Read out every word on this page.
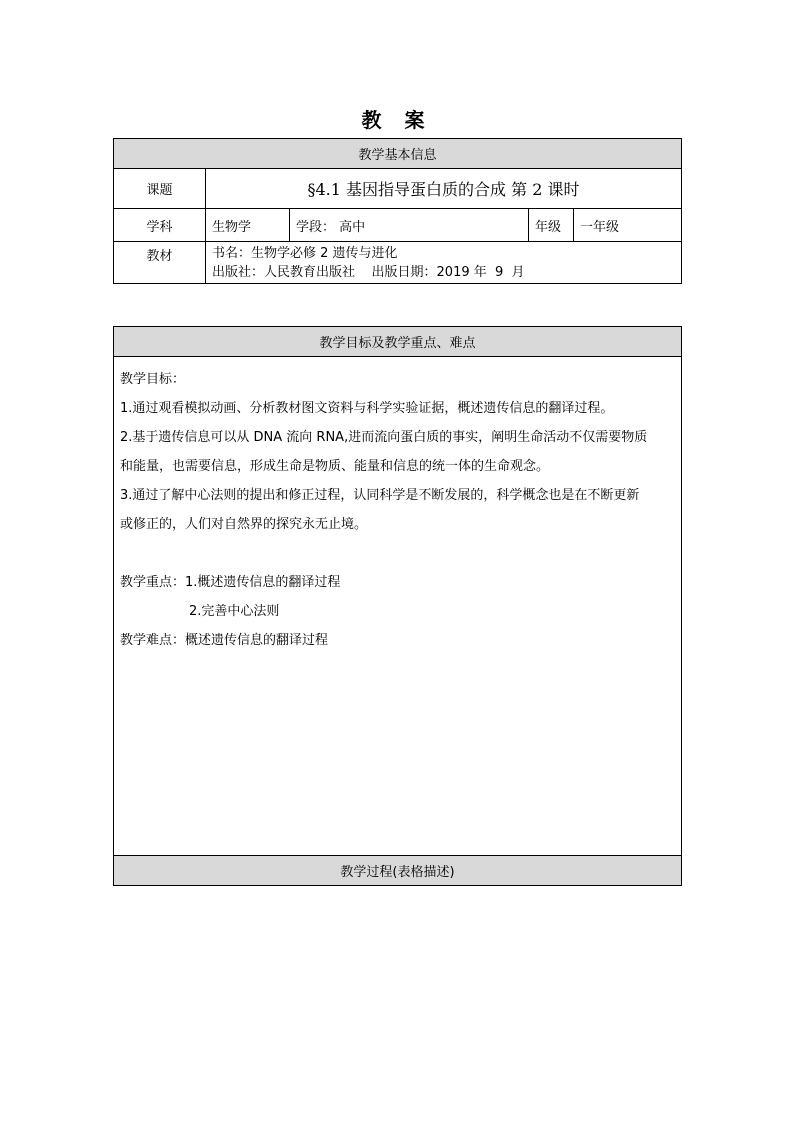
教 案
教学基本信息				
课题	§4.1 基因指导蛋白质的合成 第 2 课时			
学科	生物学	学段： 高中	年级	一年级
教材	书名：生物学必修 2 遗传与进化
出版社：人民教育出版社    出版日期：2019 年  9  月			
教学目标及教学重点、难点

教学目标：

1.通过观看模拟动画、分析教材图文资料与科学实验证据，概述遗传信息的翻译过程。

2.基于遗传信息可以从 DNA 流向 RNA,进而流向蛋白质的事实，阐明生命活动不仅需要物质

和能量，也需要信息，形成生命是物质、能量和信息的统一体的生命观念。

3.通过了解中心法则的提出和修正过程，认同科学是不断发展的，科学概念也是在不断更新

或修正的，人们对自然界的探究永无止境。

教学重点：1.概述遗传信息的翻译过程

2.完善中心法则

教学难点：概述遗传信息的翻译过程

教学过程(表格描述)
